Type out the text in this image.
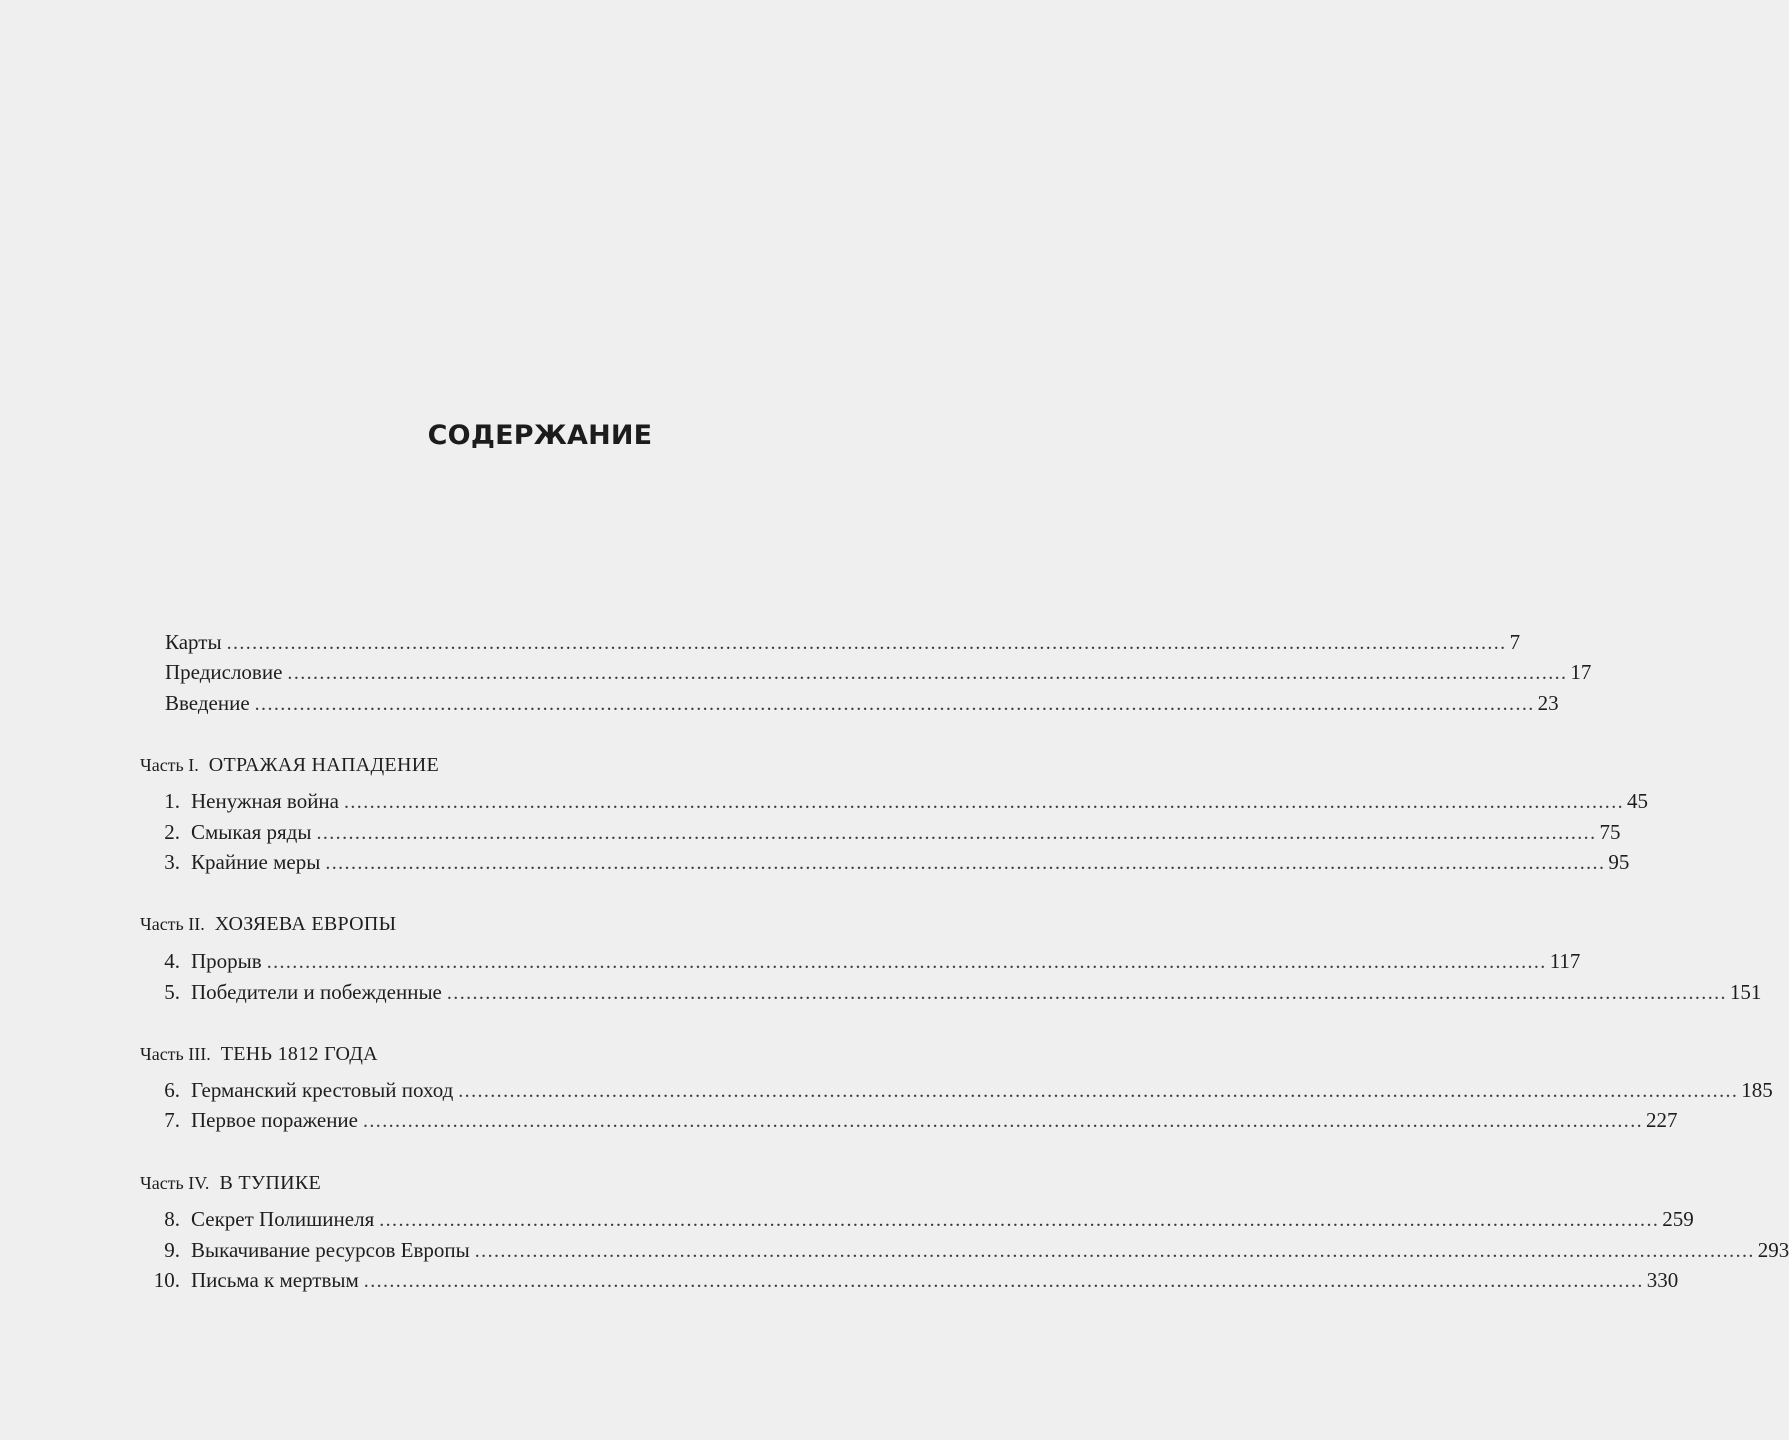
СОДЕРЖАНИЕ
Карты ........................................................................................................................................................................................................ 7
Предисловие ........................................................................................................................................................................................................ 17
Введение ........................................................................................................................................................................................................ 23
Часть I. ОТРАЖАЯ НАПАДЕНИЕ
1. Ненужная война ........................................................................................................................................................................................................ 45
2. Смыкая ряды ........................................................................................................................................................................................................ 75
3. Крайние меры ........................................................................................................................................................................................................ 95
Часть II. ХОЗЯЕВА ЕВРОПЫ
4. Прорыв ........................................................................................................................................................................................................ 117
5. Победители и побежденные ........................................................................................................................................................................................................ 151
Часть III. ТЕНЬ 1812 ГОДА
6. Германский крестовый поход ........................................................................................................................................................................................................ 185
7. Первое поражение ........................................................................................................................................................................................................ 227
Часть IV. В ТУПИКЕ
8. Секрет Полишинеля ........................................................................................................................................................................................................ 259
9. Выкачивание ресурсов Европы ........................................................................................................................................................................................................ 293
10. Письма к мертвым ........................................................................................................................................................................................................ 330
